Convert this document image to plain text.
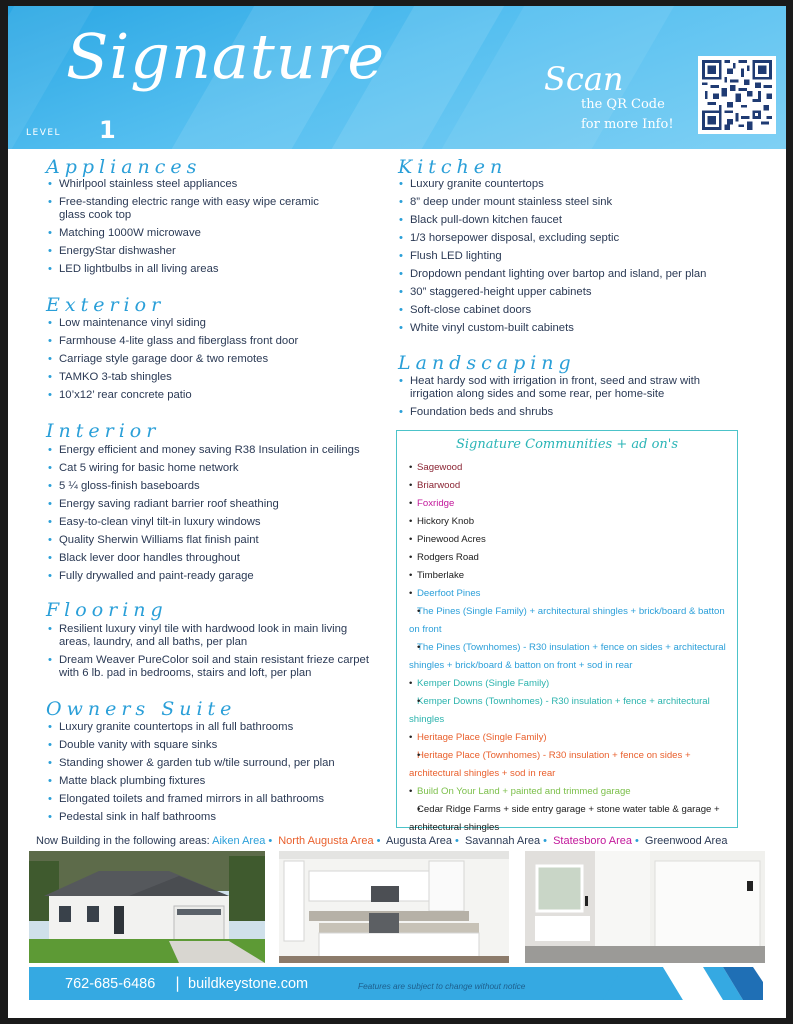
Signature
LEVEL 1
Scan
the QR Code
for more Info!
Appliances
• Whirlpool stainless steel appliances
• Free-standing electric range with easy wipe ceramic glass cook top
• Matching 1000W microwave
• EnergyStar dishwasher
• LED lightbulbs in all living areas
Exterior
• Low maintenance vinyl siding
• Farmhouse 4-lite glass and fiberglass front door
• Carriage style garage door & two remotes
• TAMKO 3-tab shingles
• 10’x12’ rear concrete patio
Interior
• Energy efficient and money saving R38 Insulation in ceilings
• Cat 5 wiring for basic home network
• 5 ¼ gloss-finish baseboards
• Energy saving radiant barrier roof sheathing
• Easy-to-clean vinyl tilt-in luxury windows
• Quality Sherwin Williams flat finish paint
• Black lever door handles throughout
• Fully drywalled and paint-ready garage
Flooring
• Resilient luxury vinyl tile with hardwood look in main living areas, laundry, and all baths, per plan
• Dream Weaver PureColor soil and stain resistant frieze carpet with 6 lb. pad in bedrooms, stairs and loft, per plan
Owners Suite
• Luxury granite countertops in all full bathrooms
• Double vanity with square sinks
• Standing shower & garden tub w/tile surround, per plan
• Matte black plumbing fixtures
• Elongated toilets and framed mirrors in all bathrooms
• Pedestal sink in half bathrooms
Kitchen
• Luxury granite countertops
• 8” deep under mount stainless steel sink
• Black pull-down kitchen faucet
• 1/3 horsepower disposal, excluding septic
• Flush LED lighting
• Dropdown pendant lighting over bartop and island, per plan
• 30” staggered-height upper cabinets
• Soft-close cabinet doors
• White vinyl custom-built cabinets
Landscaping
• Heat hardy sod with irrigation in front, seed and straw with irrigation along sides and some rear, per home-site
• Foundation beds and shrubs
Signature Communities + ad on's
• Sagewood
• Briarwood
• Foxridge
• Hickory Knob
• Pinewood Acres
• Rodgers Road
• Timberlake
• Deerfoot Pines
• The Pines (Single Family) + architectural shingles + brick/board & batton on front
• The Pines (Townhomes) - R30 insulation + fence on sides + architectural shingles + brick/board & batton on front + sod in rear
• Kemper Downs (Single Family)
• Kemper Downs (Townhomes) - R30 insulation + fence + architectural shingles
• Heritage Place (Single Family)
• Heritage Place (Townhomes) - R30 insulation + fence on sides + architectural shingles + sod in rear
• Build On Your Land + painted and trimmed garage
• Cedar Ridge Farms + side entry garage + stone water table & garage + architectural shingles
Now Building in the following areas: Aiken Area • North Augusta Area • Augusta Area • Savannah Area • Statesboro Area • Greenwood Area
762-685-6486 | buildkeystone.com	Features are subject to change without notice
